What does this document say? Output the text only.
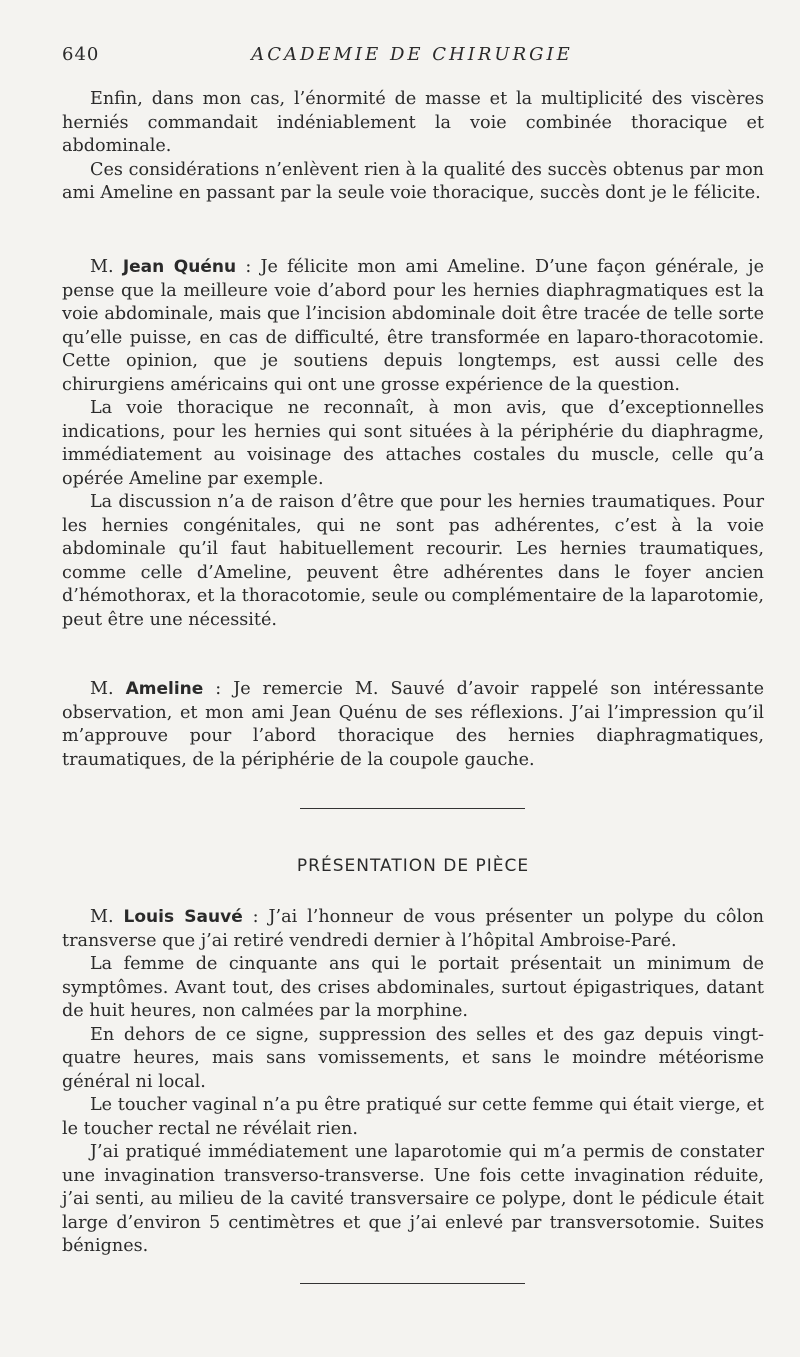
640	ACADEMIE DE CHIRURGIE

Enfin, dans mon cas, l’énormité de masse et la multiplicité des viscères herniés commandait indéniablement la voie combinée thoracique et abdominale.

Ces considérations n’enlèvent rien à la qualité des succès obtenus par mon ami Ameline en passant par la seule voie thoracique, succès dont je le félicite.

M. Jean Quénu : Je félicite mon ami Ameline. D’une façon générale, je pense que la meilleure voie d’abord pour les hernies diaphragmatiques est la voie abdominale, mais que l’incision abdominale doit être tracée de telle sorte qu’elle puisse, en cas de difficulté, être transformée en laparo-thoracotomie. Cette opinion, que je soutiens depuis longtemps, est aussi celle des chirurgiens américains qui ont une grosse expérience de la question.

La voie thoracique ne reconnaît, à mon avis, que d’exceptionnelles indications, pour les hernies qui sont situées à la périphérie du diaphragme, immédiatement au voisinage des attaches costales du muscle, celle qu’a opérée Ameline par exemple.

La discussion n’a de raison d’être que pour les hernies traumatiques. Pour les hernies congénitales, qui ne sont pas adhérentes, c’est à la voie abdominale qu’il faut habituellement recourir. Les hernies traumatiques, comme celle d’Ameline, peuvent être adhérentes dans le foyer ancien d’hémothorax, et la thoracotomie, seule ou complémentaire de la laparotomie, peut être une nécessité.

M. Ameline : Je remercie M. Sauvé d’avoir rappelé son intéressante observation, et mon ami Jean Quénu de ses réflexions. J’ai l’impression qu’il m’approuve pour l’abord thoracique des hernies diaphragmatiques, traumatiques, de la périphérie de la coupole gauche.

PRÉSENTATION DE PIÈCE

M. Louis Sauvé : J’ai l’honneur de vous présenter un polype du côlon transverse que j’ai retiré vendredi dernier à l’hôpital Ambroise-Paré.

La femme de cinquante ans qui le portait présentait un minimum de symptômes. Avant tout, des crises abdominales, surtout épigastriques, datant de huit heures, non calmées par la morphine.

En dehors de ce signe, suppression des selles et des gaz depuis vingt-quatre heures, mais sans vomissements, et sans le moindre météorisme général ni local.

Le toucher vaginal n’a pu être pratiqué sur cette femme qui était vierge, et le toucher rectal ne révélait rien.

J’ai pratiqué immédiatement une laparotomie qui m’a permis de constater une invagination transverso-transverse. Une fois cette invagination réduite, j’ai senti, au milieu de la cavité transversaire ce polype, dont le pédicule était large d’environ 5 centimètres et que j’ai enlevé par transversotomie. Suites bénignes.
